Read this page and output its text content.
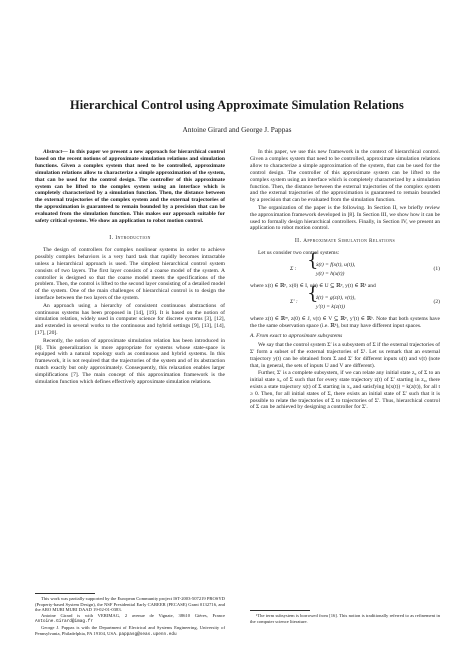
Hierarchical Control using Approximate Simulation Relations
Antoine Girard and George J. Pappas
Abstract— In this paper we present a new approach for hierarchical control based on the recent notions of approximate simulation relations and simulation functions. Given a complex system that need to be controlled, approximate simulation relations allow to characterize a simple approximation of the system, that can be used for the control design. The controller of this approximate system can be lifted to the complex system using an interface which is completely characterized by a simulation function. Then, the distance between the external trajectories of the complex system and the external trajectories of the approximation is guaranteed to remain bounded by a precision that can be evaluated from the simulation function. This makes our approach suitable for safety critical systems. We show an application to robot motion control.
I. Introduction
The design of controllers for complex nonlinear systems in order to achieve possibly complex behaviors is a very hard task that rapidly becomes intractable unless a hierarchical approach is used. The simplest hierarchical control system consists of two layers. The first layer consists of a coarse model of the system. A controller is designed so that the coarse model meets the specifications of the problem. Then, the control is lifted to the second layer consisting of a detailed model of the system. One of the main challenges of hierarchical control is to design the interface between the two layers of the system.
An approach using a hierarchy of consistent continuous abstractions of continuous systems has been proposed in [14], [19]. It is based on the notion of simulation relation, widely used in computer science for discrete systems [3], [12], and extended in several works to the continuous and hybrid settings [9], [13], [14], [17], [20].
Recently, the notion of approximate simulation relation has been introduced in [8]. This generalization is more appropriate for systems whose state-space is equipped with a natural topology such as continuous and hybrid systems. In this framework, it is not required that the trajectories of the system and of its abstraction match exactly but only approximately. Consequently, this relaxation enables larger simplifications [7]. The main concept of this approximation framework is the simulation function which defines effectively approximate simulation relations.
This work was partially supported by the European Community project IST-2003-507219 PROSYD (Property-based System Design), the NSF Presidential Early CAREER (PECASE) Grant 0132716, and the ARO MURI MURI DAAD 19-02-01-0383.
Antoine Girard is with VERIMAG, 2 avenue de Vignate, 38610 Gières, France Antoine.Girard@imag.fr
George J. Pappas is with the Department of Electrical and Systems Engineering, University of Pennsylvania, Philadelphia, PA 19104, USA. pappasg@seas.upenn.edu
In this paper, we use this new framework in the context of hierarchical control. Given a complex system that need to be controlled, approximate simulation relations allow to characterize a simple approximation of the system, that can be used for the control design. The controller of this approximate system can be lifted to the complex system using an interface which is completely characterized by a simulation function. Then, the distance between the external trajectories of the complex system and the external trajectories of the approximation is guaranteed to remain bounded by a precision that can be evaluated from the simulation function.
The organization of the paper is the following. In Section II, we briefly review the approximation framework developed in [8]. In Section III, we show how it can be used to formally design hierarchical controllers. Finally, in Section IV, we present an application to robot motion control.
II. Approximate Simulation Relations
Let us consider two control systems:
Σ : {
ẋ(t) = f(x(t), u(t)),
y(t) = h(x(t))
(1)
where x(t) ∈ ℝⁿ, x(0) ∈ I, u(t) ∈ U ⊆ ℝᵖ, y(t) ∈ ℝᵏ and
Σ′ : {
ż(t) = g(z(t), v(t)),
y′(t) = k(z(t))
(2)
where z(t) ∈ ℝᵐ, z(0) ∈ J, v(t) ∈ V ⊆ ℝᵠ, y′(t) ∈ ℝᵏ. Note that both systems have the the same observation space (i.e. ℝᵏ), but may have different input spaces.
A. From exact to approximate subsystems
We say that the control system Σ′ is a subsystem of Σ if the external trajectories of Σ′ form a subset of the external trajectories of Σ¹. Let us remark that an external trajectory y(t) can be obtained from Σ and Σ′ for different inputs u(t) and v(t) (note that, in general, the sets of inputs U and V are different).
Further, Σ′ is a complete subsystem, if we can relate any initial state z₀ of Σ to an initial state x₀ of Σ such that for every state trajectory z(t) of Σ′ starting in z₀, there exists a state trajectory x(t) of Σ starting in x₀ and satisfying h(x(t)) = k(z(t)), for all t ≥ 0. Then, for all initial states of Σ, there exists an initial state of Σ′ such that it is possible to relate the trajectories of Σ to trajectories of Σ′. Thus, hierarchical control of Σ can be achieved by designing a controller for Σ′.
¹The term subsystem is borrowed from [16]. This notion is traditionally referred to as refinement in the computer science literature.
